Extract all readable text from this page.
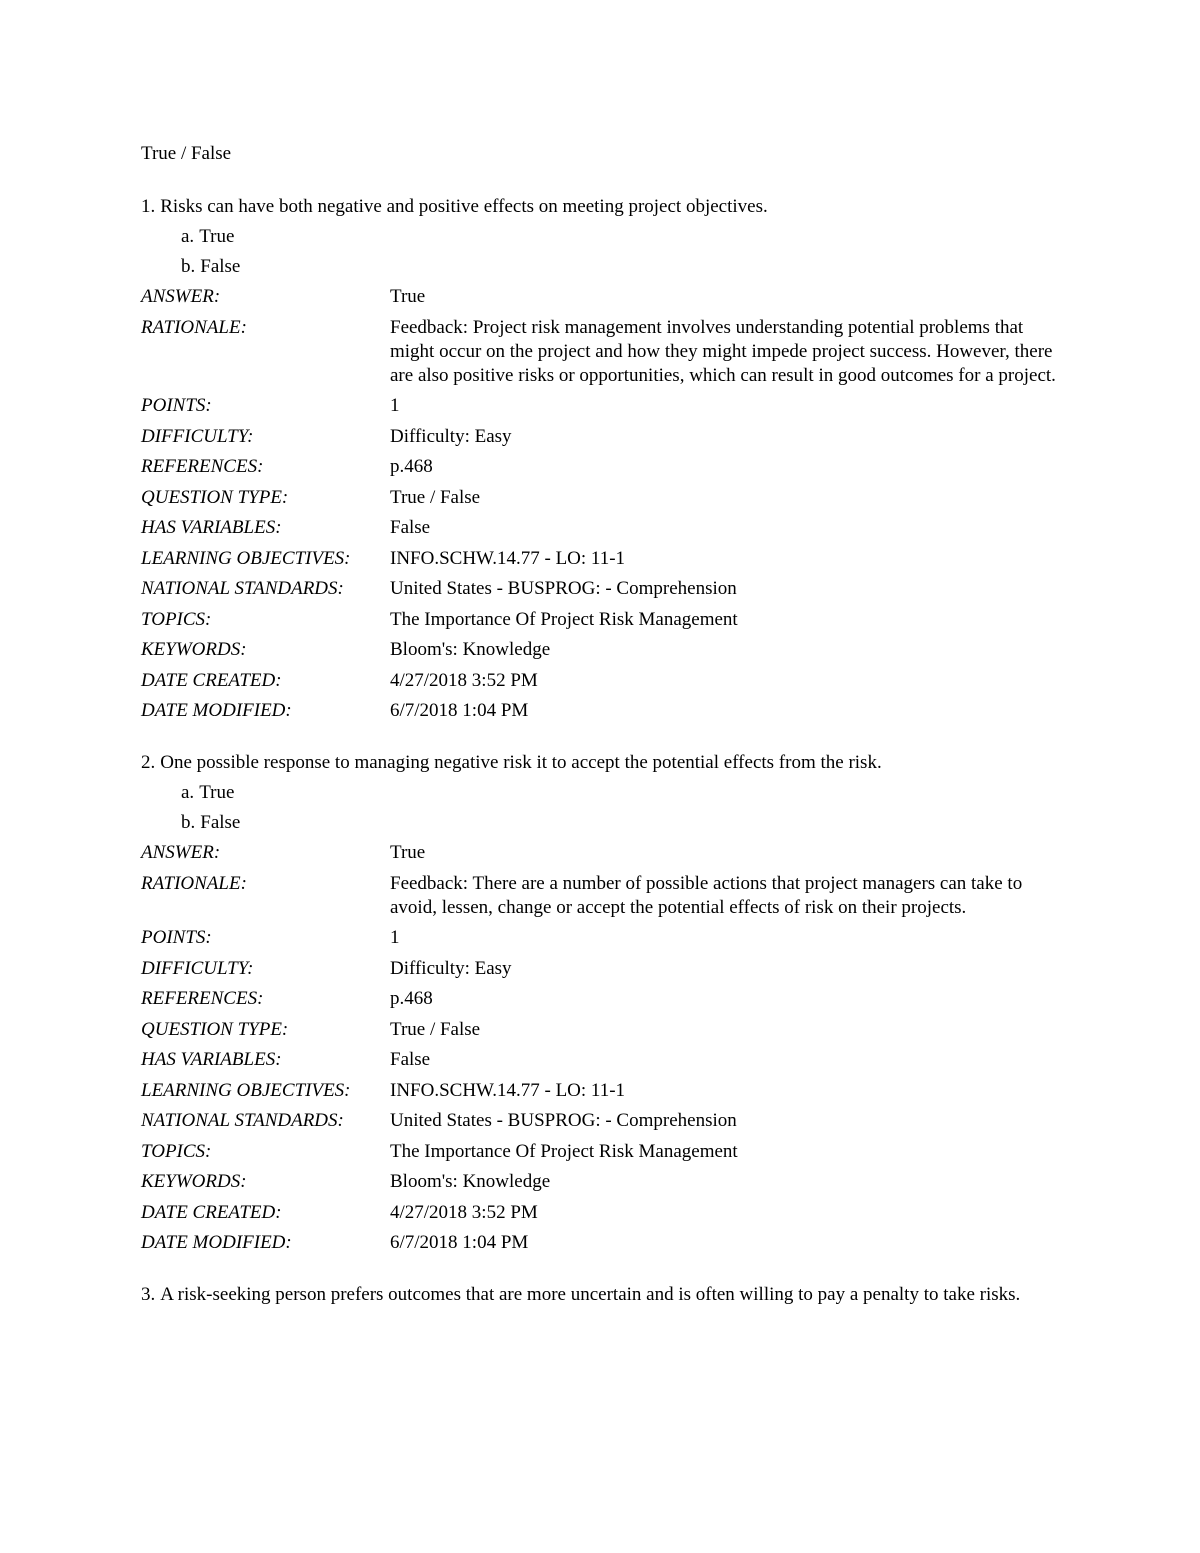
True / False
1. Risks can have both negative and positive effects on meeting project objectives.
a. True
b. False
ANSWER:	True
RATIONALE:	Feedback: Project risk management involves understanding potential problems that might occur on the project and how they might impede project success. However, there are also positive risks or opportunities, which can result in good outcomes for a project.
POINTS:	1
DIFFICULTY:	Difficulty: Easy
REFERENCES:	p.468
QUESTION TYPE:	True / False
HAS VARIABLES:	False
LEARNING OBJECTIVES:	INFO.SCHW.14.77 - LO: 11-1
NATIONAL STANDARDS:	United States - BUSPROG: - Comprehension
TOPICS:	The Importance Of Project Risk Management
KEYWORDS:	Bloom's: Knowledge
DATE CREATED:	4/27/2018 3:52 PM
DATE MODIFIED:	6/7/2018 1:04 PM
2. One possible response to managing negative risk it to accept the potential effects from the risk.
a. True
b. False
ANSWER:	True
RATIONALE:	Feedback: There are a number of possible actions that project managers can take to avoid, lessen, change or accept the potential effects of risk on their projects.
POINTS:	1
DIFFICULTY:	Difficulty: Easy
REFERENCES:	p.468
QUESTION TYPE:	True / False
HAS VARIABLES:	False
LEARNING OBJECTIVES:	INFO.SCHW.14.77 - LO: 11-1
NATIONAL STANDARDS:	United States - BUSPROG: - Comprehension
TOPICS:	The Importance Of Project Risk Management
KEYWORDS:	Bloom's: Knowledge
DATE CREATED:	4/27/2018 3:52 PM
DATE MODIFIED:	6/7/2018 1:04 PM
3. A risk-seeking person prefers outcomes that are more uncertain and is often willing to pay a penalty to take risks.
